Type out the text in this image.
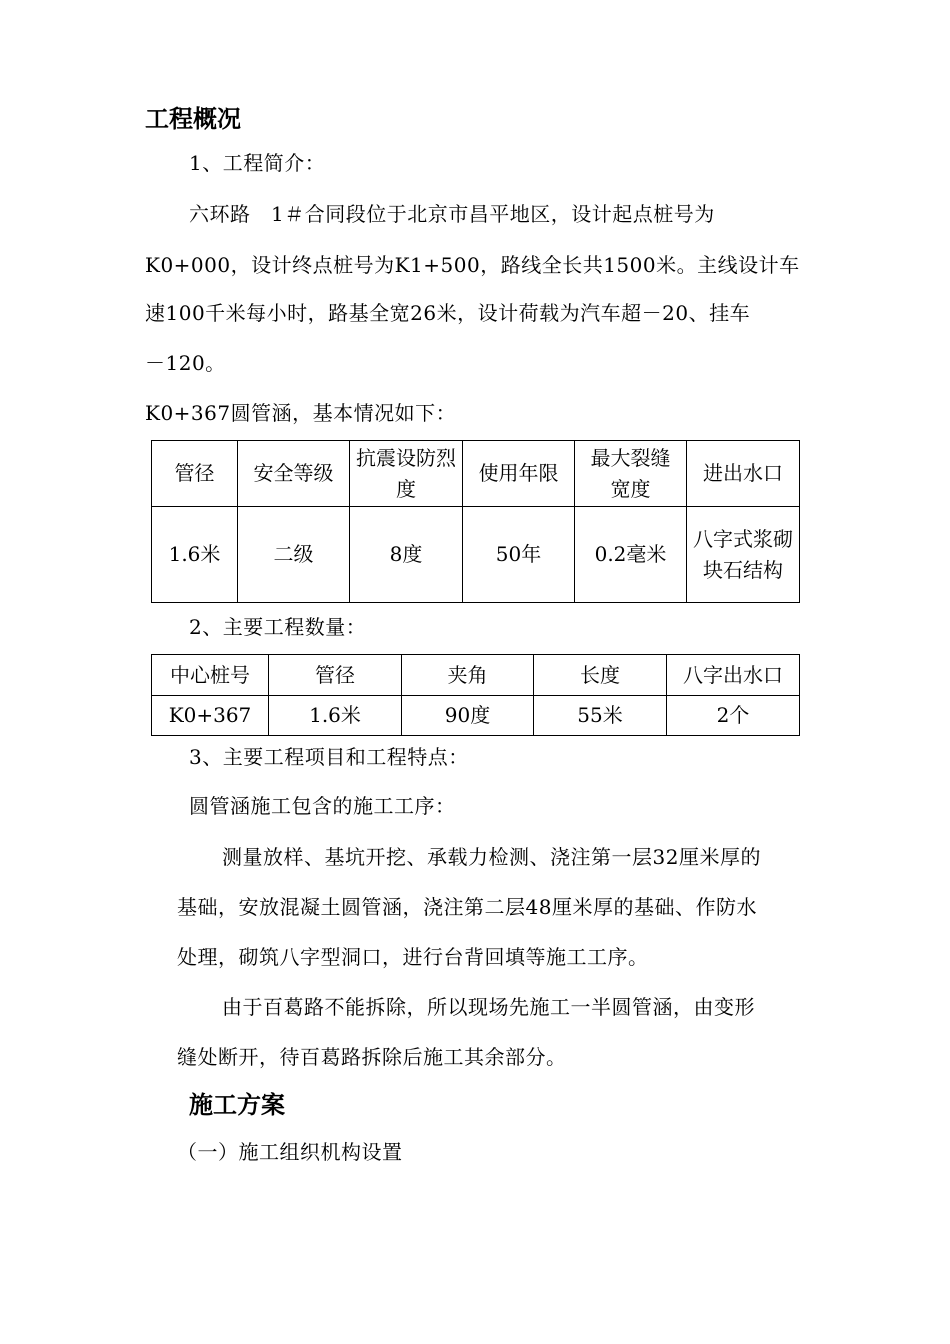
工程概况
1、工程简介：
六环路　1＃合同段位于北京市昌平地区，设计起点桩号为
K0+000，设计终点桩号为K1+500，路线全长共1500米。主线设计车
速100千米每小时，路基全宽26米，设计荷载为汽车超－20、挂车
－120。
K0+367圆管涵，基本情况如下：
管径	安全等级	抗震设防烈度	使用年限	最大裂缝宽度	进出水口
1.6米	二级	8度	50年	0.2毫米	八字式浆砌块石结构
2、主要工程数量：
中心桩号	管径	夹角	长度	八字出水口
K0+367	1.6米	90度	55米	2个
3、主要工程项目和工程特点：
圆管涵施工包含的施工工序：
测量放样、基坑开挖、承载力检测、浇注第一层32厘米厚的
基础，安放混凝土圆管涵，浇注第二层48厘米厚的基础、作防水
处理，砌筑八字型洞口，进行台背回填等施工工序。
由于百葛路不能拆除，所以现场先施工一半圆管涵，由变形
缝处断开，待百葛路拆除后施工其余部分。
施工方案
（一）施工组织机构设置
